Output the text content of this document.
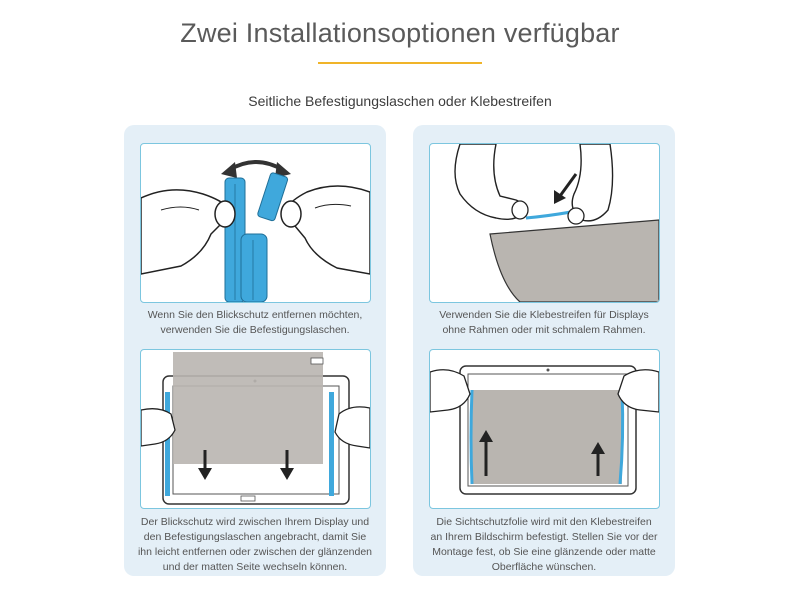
Zwei Installationsoptionen verfügbar
Seitliche Befestigungslaschen oder Klebestreifen
Wenn Sie den Blickschutz entfernen möchten,
verwenden Sie die Befestigungslaschen.
Der Blickschutz wird zwischen Ihrem Display und
den Befestigungslaschen angebracht, damit Sie
ihn leicht entfernen oder zwischen der glänzenden
und der matten Seite wechseln können.
Verwenden Sie die Klebestreifen für Displays
ohne Rahmen oder mit schmalem Rahmen.
Die Sichtschutzfolie wird mit den Klebestreifen
an Ihrem Bildschirm befestigt. Stellen Sie vor der
Montage fest, ob Sie eine glänzende oder matte
Oberfläche wünschen.
